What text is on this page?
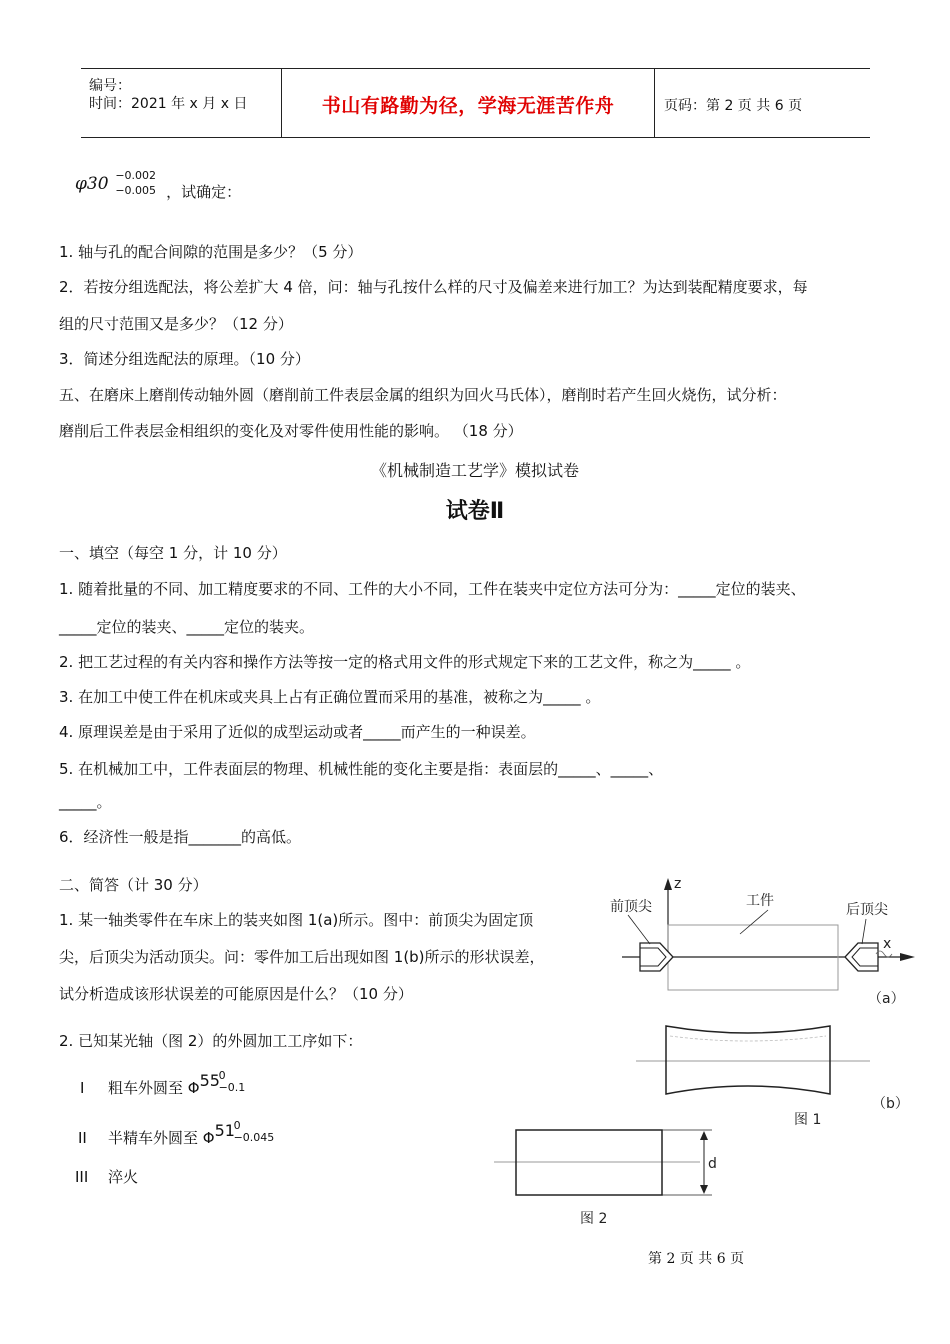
编号：
时间：2021 年 x 月 x 日	书山有路勤为径，学海无涯苦作舟	页码：第 2 页 共 6 页
φ30 −0.002
−0.005 ，试确定：
1. 轴与孔的配合间隙的范围是多少？（5 分）
2．若按分组选配法，将公差扩大 4 倍，问：轴与孔按什么样的尺寸及偏差来进行加工？为达到装配精度要求，每
组的尺寸范围又是多少？（12 分）
3．简述分组选配法的原理。（10 分）
五、在磨床上磨削传动轴外圆（磨削前工件表层金属的组织为回火马氏体），磨削时若产生回火烧伤，试分析：
磨削后工件表层金相组织的变化及对零件使用性能的影响。 （18 分）
《机械制造工艺学》模拟试卷
试卷Ⅱ
一、填空（每空 1 分，计 10 分）
1. 随着批量的不同、加工精度要求的不同、工件的大小不同，工件在装夹中定位方法可分为：_____定位的装夹、
_____定位的装夹、_____定位的装夹。
2. 把工艺过程的有关内容和操作方法等按一定的格式用文件的形式规定下来的工艺文件，称之为_____ 。
3. 在加工中使工件在机床或夹具上占有正确位置而采用的基准，被称之为_____ 。
4. 原理误差是由于采用了近似的成型运动或者_____而产生的一种误差。
5. 在机械加工中，工件表面层的物理、机械性能的变化主要是指：表面层的_____、_____、
_____。
6．经济性一般是指_______的高低。
二、简答（计 30 分）
1. 某一轴类零件在车床上的装夹如图 1(a)所示。图中：前顶尖为固定顶
尖，后顶尖为活动顶尖。问：零件加工后出现如图 1(b)所示的形状误差，
试分析造成该形状误差的可能原因是什么？（10 分）
2. 已知某光轴（图 2）的外圆加工工序如下：
I 粗车外圆至 Φ 55
0
−0.1
II 半精车外圆至 Φ 51
0
−0.045
III 淬火
z
x
前顶尖	工件
后顶尖
（a）
（b）
图 1
d
图 2
第 2 页 共 6 页
